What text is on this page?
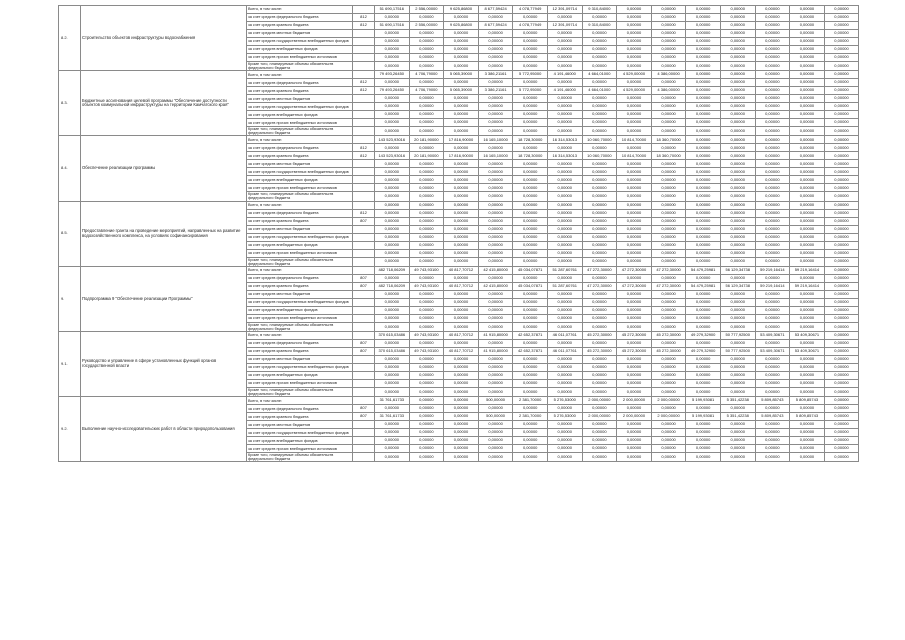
8.2.	Строительство объектов инфраструктуры водоснабжения	Всего, в том числе:		51 690,17516	2 556,00000	9 625,86800	8 677,59424	4 078,77949	12 391,09714	9 310,84000	0,00000	0,00000	0,00000	0,00000	0,00000	0,00000	0,00000
		за счет средств федерального бюджета	812	0,00000	0,00000	0,00000	0,00000	0,00000	0,00000	0,00000	0,00000	0,00000	0,00000	0,00000	0,00000	0,00000	0,00000
		за счет средств краевого бюджета	812	51 690,17516	2 556,00000	9 625,86800	8 677,59424	4 078,77949	12 391,09714	9 310,84000	0,00000	0,00000	0,00000	0,00000	0,00000	0,00000	0,00000
		за счет средств местных бюджетов		0,00000	0,00000	0,00000	0,00000	0,00000	0,00000	0,00000	0,00000	0,00000	0,00000	0,00000	0,00000	0,00000	0,00000
		за счет средств государственных внебюджетных фондов		0,00000	0,00000	0,00000	0,00000	0,00000	0,00000	0,00000	0,00000	0,00000	0,00000	0,00000	0,00000	0,00000	0,00000
		за счет средств внебюджетных фондов		0,00000	0,00000	0,00000	0,00000	0,00000	0,00000	0,00000	0,00000	0,00000	0,00000	0,00000	0,00000	0,00000	0,00000
		за счет средств прочих внебюджетных источников		0,00000	0,00000	0,00000	0,00000	0,00000	0,00000	0,00000	0,00000	0,00000	0,00000	0,00000	0,00000	0,00000	0,00000
		Кроме того, планируемые объемы обязательств федерального бюджета		0,00000	0,00000	0,00000	0,00000	0,00000	0,00000	0,00000	0,00000	0,00000	0,00000	0,00000	0,00000	0,00000	0,00000
8.3.	Бюджетные ассигнования целевой программы "Обеспечение доступности объектов коммунальной инфраструктуры на территории Камчатского края"	Всего, в том числе:		79 493,26450	4 706,79000	5 065,39000	3 386,21161	5 772,95000	4 191,46000	4 664,01000	4 529,00000	4 386,00000	0,00000	0,00000	0,00000	0,00000	0,00000
		за счет средств федерального бюджета	812	0,00000	0,00000	0,00000	0,00000	0,00000	0,00000	0,00000	0,00000	0,00000	0,00000	0,00000	0,00000	0,00000	0,00000
		за счет средств краевого бюджета	812	79 493,26450	4 706,79000	5 065,39000	3 386,21161	5 772,95000	4 191,46000	4 664,01000	4 529,00000	4 386,00000	0,00000	0,00000	0,00000	0,00000	0,00000
		за счет средств местных бюджетов		0,00000	0,00000	0,00000	0,00000	0,00000	0,00000	0,00000	0,00000	0,00000	0,00000	0,00000	0,00000	0,00000	0,00000
		за счет средств государственных внебюджетных фондов		0,00000	0,00000	0,00000	0,00000	0,00000	0,00000	0,00000	0,00000	0,00000	0,00000	0,00000	0,00000	0,00000	0,00000
		за счет средств внебюджетных фондов		0,00000	0,00000	0,00000	0,00000	0,00000	0,00000	0,00000	0,00000	0,00000	0,00000	0,00000	0,00000	0,00000	0,00000
		за счет средств прочих внебюджетных источников		0,00000	0,00000	0,00000	0,00000	0,00000	0,00000	0,00000	0,00000	0,00000	0,00000	0,00000	0,00000	0,00000	0,00000
		Кроме того, планируемые объемы обязательств федерального бюджета		0,00000	0,00000	0,00000	0,00000	0,00000	0,00000	0,00000	0,00000	0,00000	0,00000	0,00000	0,00000	0,00000	0,00000
8.4.	Обеспечение реализации программы	Всего, в том числе:		143 523,93016	20 181,90000	17 816,90000	16 165,10000	18 728,30000	16 314,53013	10 060,70000	10 814,70000	18 360,70000	0,00000	0,00000	0,00000	0,00000	0,00000
		за счет средств федерального бюджета	812	0,00000	0,00000	0,00000	0,00000	0,00000	0,00000	0,00000	0,00000	0,00000	0,00000	0,00000	0,00000	0,00000	0,00000
		за счет средств краевого бюджета	812	143 523,93016	20 181,90000	17 816,90000	16 165,10000	18 728,30000	16 314,53013	10 060,70000	10 814,70000	18 360,70000	0,00000	0,00000	0,00000	0,00000	0,00000
		за счет средств местных бюджетов		0,00000	0,00000	0,00000	0,00000	0,00000	0,00000	0,00000	0,00000	0,00000	0,00000	0,00000	0,00000	0,00000	0,00000
		за счет средств государственных внебюджетных фондов		0,00000	0,00000	0,00000	0,00000	0,00000	0,00000	0,00000	0,00000	0,00000	0,00000	0,00000	0,00000	0,00000	0,00000
		за счет средств внебюджетных фондов		0,00000	0,00000	0,00000	0,00000	0,00000	0,00000	0,00000	0,00000	0,00000	0,00000	0,00000	0,00000	0,00000	0,00000
		за счет средств прочих внебюджетных источников		0,00000	0,00000	0,00000	0,00000	0,00000	0,00000	0,00000	0,00000	0,00000	0,00000	0,00000	0,00000	0,00000	0,00000
		Кроме того, планируемые объемы обязательств федерального бюджета		0,00000	0,00000	0,00000	0,00000	0,00000	0,00000	0,00000	0,00000	0,00000	0,00000	0,00000	0,00000	0,00000	0,00000
8.5.	Предоставление гранта на проведение мероприятий, направленных на развитие водохозяйственного комплекса, на условиях софинансирования	Всего, в том числе:		0,00000	0,00000	0,00000	0,00000	0,00000	0,00000	0,00000	0,00000	0,00000	0,00000	0,00000	0,00000	0,00000	0,00000
		за счет средств федерального бюджета	812	0,00000	0,00000	0,00000	0,00000	0,00000	0,00000	0,00000	0,00000	0,00000	0,00000	0,00000	0,00000	0,00000	0,00000
		за счет средств краевого бюджета	807	0,00000	0,00000	0,00000	0,00000	0,00000	0,00000	0,00000	0,00000	0,00000	0,00000	0,00000	0,00000	0,00000	0,00000
		за счет средств местных бюджетов		0,00000	0,00000	0,00000	0,00000	0,00000	0,00000	0,00000	0,00000	0,00000	0,00000	0,00000	0,00000	0,00000	0,00000
		за счет средств государственных внебюджетных фондов		0,00000	0,00000	0,00000	0,00000	0,00000	0,00000	0,00000	0,00000	0,00000	0,00000	0,00000	0,00000	0,00000	0,00000
		за счет средств внебюджетных фондов		0,00000	0,00000	0,00000	0,00000	0,00000	0,00000	0,00000	0,00000	0,00000	0,00000	0,00000	0,00000	0,00000	0,00000
		за счет средств прочих внебюджетных источников		0,00000	0,00000	0,00000	0,00000	0,00000	0,00000	0,00000	0,00000	0,00000	0,00000	0,00000	0,00000	0,00000	0,00000
		Кроме того, планируемые объемы обязательств федерального бюджета		0,00000	0,00000	0,00000	0,00000	0,00000	0,00000	0,00000	0,00000	0,00000	0,00000	0,00000	0,00000	0,00000	0,00000
9.	Подпрограмма 9 "Обеспечение реализации Программы"	Всего, в том числе:		482 718,06209	49 743,93100	40 817,70712	42 415,80000	45 034,07871	51 287,60761	47 272,30000	47 272,30000	47 272,30000	54 479,25981	56 129,34738	59 219,16414	59 219,16414	0,00000
		за счет средств федерального бюджета	807	0,00000	0,00000	0,00000	0,00000	0,00000	0,00000	0,00000	0,00000	0,00000	0,00000	0,00000	0,00000	0,00000	0,00000
		за счет средств краевого бюджета	807	482 718,06209	49 743,93100	40 817,70712	42 415,80000	45 034,07871	51 287,60761	47 272,30000	47 272,30000	47 272,30000	54 479,25981	56 129,34738	59 219,16414	59 219,16414	0,00000
		за счет средств местных бюджетов		0,00000	0,00000	0,00000	0,00000	0,00000	0,00000	0,00000	0,00000	0,00000	0,00000	0,00000	0,00000	0,00000	0,00000
		за счет средств государственных внебюджетных фондов		0,00000	0,00000	0,00000	0,00000	0,00000	0,00000	0,00000	0,00000	0,00000	0,00000	0,00000	0,00000	0,00000	0,00000
		за счет средств внебюджетных фондов		0,00000	0,00000	0,00000	0,00000	0,00000	0,00000	0,00000	0,00000	0,00000	0,00000	0,00000	0,00000	0,00000	0,00000
		за счет средств прочих внебюджетных источников		0,00000	0,00000	0,00000	0,00000	0,00000	0,00000	0,00000	0,00000	0,00000	0,00000	0,00000	0,00000	0,00000	0,00000
		Кроме того, планируемые объемы обязательств федерального бюджета		0,00000	0,00000	0,00000	0,00000	0,00000	0,00000	0,00000	0,00000	0,00000	0,00000	0,00000	0,00000	0,00000	0,00000
9.1.	Руководство и управление в сфере установленных функций органов государственной власти	Всего, в том числе:		370 615,03486	49 743,93100	40 817,70712	41 915,80000	42 652,37871	46 011,07761	45 272,30000	45 272,30000	45 272,30000	49 279,32900	50 777,92500	53 409,30671	53 409,30671	0,00000
		за счет средств федерального бюджета	807	0,00000	0,00000	0,00000	0,00000	0,00000	0,00000	0,00000	0,00000	0,00000	0,00000	0,00000	0,00000	0,00000	0,00000
		за счет средств краевого бюджета	807	370 615,03486	49 743,93100	40 817,70712	41 915,80000	42 652,37871	46 011,07761	45 272,30000	45 272,30000	45 272,30000	49 279,32900	50 777,92500	53 409,30671	53 409,30671	0,00000
		за счет средств местных бюджетов		0,00000	0,00000	0,00000	0,00000	0,00000	0,00000	0,00000	0,00000	0,00000	0,00000	0,00000	0,00000	0,00000	0,00000
		за счет средств государственных внебюджетных фондов		0,00000	0,00000	0,00000	0,00000	0,00000	0,00000	0,00000	0,00000	0,00000	0,00000	0,00000	0,00000	0,00000	0,00000
		за счет средств внебюджетных фондов		0,00000	0,00000	0,00000	0,00000	0,00000	0,00000	0,00000	0,00000	0,00000	0,00000	0,00000	0,00000	0,00000	0,00000
		за счет средств прочих внебюджетных источников		0,00000	0,00000	0,00000	0,00000	0,00000	0,00000	0,00000	0,00000	0,00000	0,00000	0,00000	0,00000	0,00000	0,00000
		Кроме того, планируемые объемы обязательств федерального бюджета		0,00000	0,00000	0,00000	0,00000	0,00000	0,00000	0,00000	0,00000	0,00000	0,00000	0,00000	0,00000	0,00000	0,00000
9.2.	Выполнение научно-исследовательских работ в области природопользования	Всего, в том числе:		31 761,61733	0,00000	0,00000	500,00000	2 381,70000	5 276,53000	2 000,00000	2 000,00000	2 000,00000	5 199,93081	5 351,42238	5 809,85743	5 809,85743	0,00000
		за счет средств федерального бюджета	807	0,00000	0,00000	0,00000	0,00000	0,00000	0,00000	0,00000	0,00000	0,00000	0,00000	0,00000	0,00000	0,00000	0,00000
		за счет средств краевого бюджета	807	31 761,61733	0,00000	0,00000	500,00000	2 381,70000	5 276,53000	2 000,00000	2 000,00000	2 000,00000	5 199,93081	5 351,42238	5 809,85743	5 809,85743	0,00000
		за счет средств местных бюджетов		0,00000	0,00000	0,00000	0,00000	0,00000	0,00000	0,00000	0,00000	0,00000	0,00000	0,00000	0,00000	0,00000	0,00000
		за счет средств государственных внебюджетных фондов		0,00000	0,00000	0,00000	0,00000	0,00000	0,00000	0,00000	0,00000	0,00000	0,00000	0,00000	0,00000	0,00000	0,00000
		за счет средств внебюджетных фондов		0,00000	0,00000	0,00000	0,00000	0,00000	0,00000	0,00000	0,00000	0,00000	0,00000	0,00000	0,00000	0,00000	0,00000
		за счет средств прочих внебюджетных источников		0,00000	0,00000	0,00000	0,00000	0,00000	0,00000	0,00000	0,00000	0,00000	0,00000	0,00000	0,00000	0,00000	0,00000
		Кроме того, планируемые объемы обязательств федерального бюджета		0,00000	0,00000	0,00000	0,00000	0,00000	0,00000	0,00000	0,00000	0,00000	0,00000	0,00000	0,00000	0,00000	0,00000
